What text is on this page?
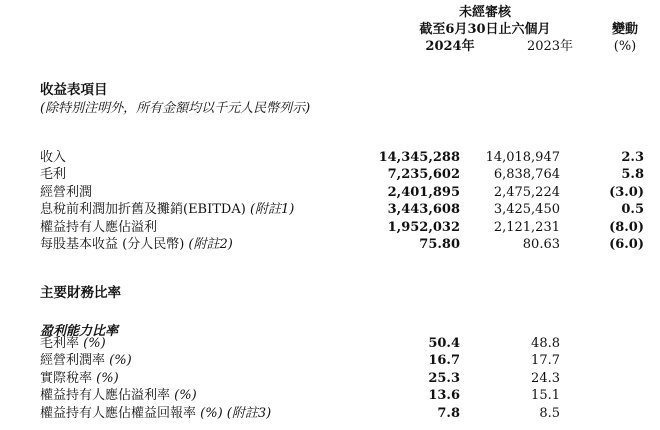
未經審核
截至6月30日止六個月
2024年	2023年
變動
(%)
收益表項目
(除特別注明外，所有金額均以千元人民幣列示)
收入	14,345,288 14,018,947	2.3
毛利	7,235,602	6,838,764	5.8
經營利潤	2,401,895	2,475,224	(3.0)
息稅前利潤加折舊及攤銷(EBITDA) (附註1)	3,443,608	3,425,450	0.5
權益持有人應佔溢利	1,952,032	2,121,231	(8.0)
每股基本收益 (分人民幣) (附註2)	75.80	80.63	(6.0)
主要財務比率
盈利能力比率
毛利率 (%)	50.4	48.8
經營利潤率 (%)	16.7	17.7
實際稅率 (%)	25.3	24.3
權益持有人應佔溢利率 (%)	13.6	15.1
權益持有人應佔權益回報率 (%) (附註3)	7.8	8.5
